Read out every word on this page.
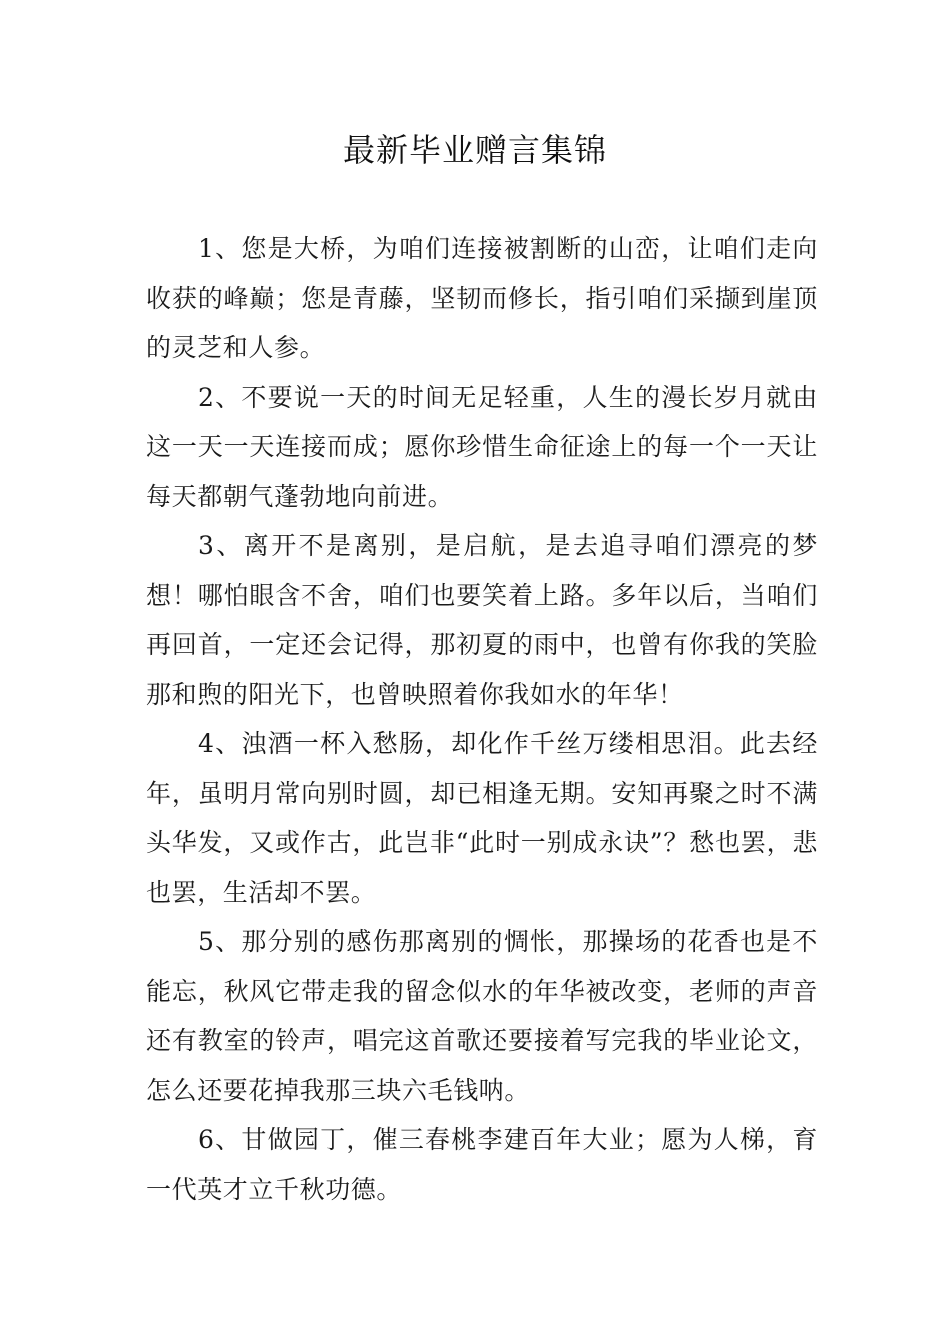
最新毕业赠言集锦

1、您是大桥，为咱们连接被割断的山峦，让咱们走向收获的峰巅；您是青藤，坚韧而修长，指引咱们采撷到崖顶的灵芝和人参。

2、不要说一天的时间无足轻重，人生的漫长岁月就由这一天一天连接而成；愿你珍惜生命征途上的每一个一天让每天都朝气蓬勃地向前进。

3、离开不是离别，是启航，是去追寻咱们漂亮的梦想！哪怕眼含不舍，咱们也要笑着上路。多年以后，当咱们再回首，一定还会记得，那初夏的雨中，也曾有你我的笑脸那和煦的阳光下，也曾映照着你我如水的年华！

4、浊酒一杯入愁肠，却化作千丝万缕相思泪。此去经年，虽明月常向别时圆，却已相逢无期。安知再聚之时不满头华发，又或作古，此岂非“此时一别成永诀”？愁也罢，悲也罢，生活却不罢。

5、那分别的感伤那离别的惆怅，那操场的花香也是不能忘，秋风它带走我的留念似水的年华被改变，老师的声音还有教室的铃声，唱完这首歌还要接着写完我的毕业论文，怎么还要花掉我那三块六毛钱呐。

6、甘做园丁，催三春桃李建百年大业；愿为人梯，育一代英才立千秋功德。
